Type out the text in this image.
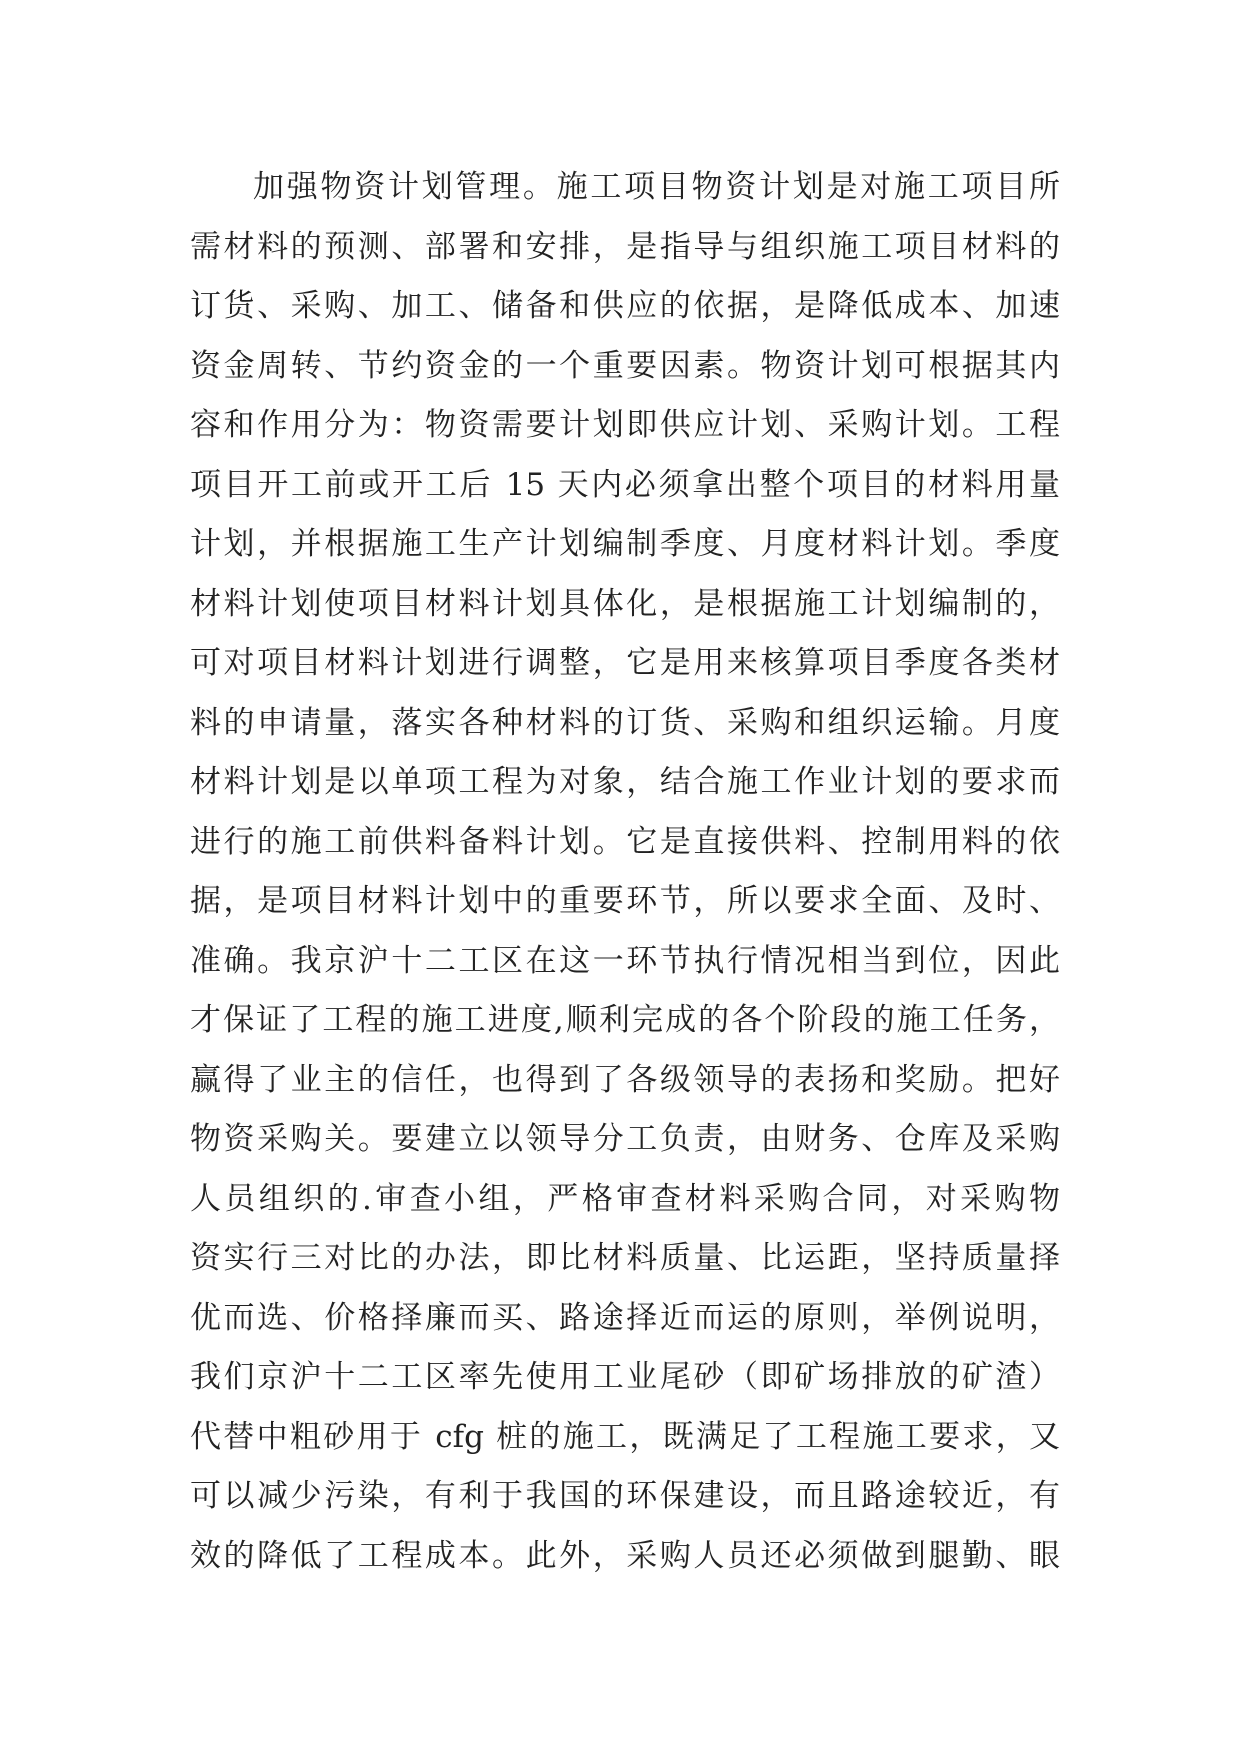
加强物资计划管理。施工项目物资计划是对施工项目所
需材料的预测、部署和安排，是指导与组织施工项目材料的
订货、采购、加工、储备和供应的依据，是降低成本、加速
资金周转、节约资金的一个重要因素。物资计划可根据其内
容和作用分为：物资需要计划即供应计划、采购计划。工程
项目开工前或开工后 15 天内必须拿出整个项目的材料用量
计划，并根据施工生产计划编制季度、月度材料计划。季度
材料计划使项目材料计划具体化，是根据施工计划编制的，
可对项目材料计划进行调整，它是用来核算项目季度各类材
料的申请量，落实各种材料的订货、采购和组织运输。月度
材料计划是以单项工程为对象，结合施工作业计划的要求而
进行的施工前供料备料计划。它是直接供料、控制用料的依
据，是项目材料计划中的重要环节，所以要求全面、及时、
准确。我京沪十二工区在这一环节执行情况相当到位，因此
才保证了工程的施工进度,顺利完成的各个阶段的施工任务，
赢得了业主的信任，也得到了各级领导的表扬和奖励。把好
物资采购关。要建立以领导分工负责，由财务、仓库及采购
人员组织的.审查小组，严格审查材料采购合同，对采购物
资实行三对比的办法，即比材料质量、比运距，坚持质量择
优而选、价格择廉而买、路途择近而运的原则，举例说明，
我们京沪十二工区率先使用工业尾砂（即矿场排放的矿渣）
代替中粗砂用于 cfg 桩的施工，既满足了工程施工要求，又
可以减少污染，有利于我国的环保建设，而且路途较近，有
效的降低了工程成本。此外，采购人员还必须做到腿勤、眼
